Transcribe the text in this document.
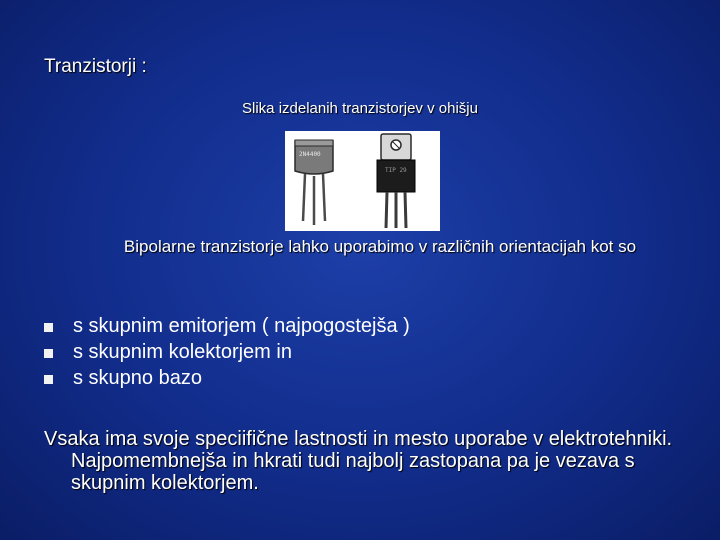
Tranzistorji :
Slika izdelanih tranzistorjev v ohišju
2N4400
TIP 29
Bipolarne tranzistorje lahko uporabimo v različnih orientacijah kot so
s skupnim emitorjem ( najpogostejša )
s skupnim kolektorjem in
s skupno bazo

Vsaka ima svoje speciifične lastnosti in mesto uporabe v elektrotehniki. Najpomembnejša in hkrati tudi najbolj zastopana pa je vezava s skupnim kolektorjem.
